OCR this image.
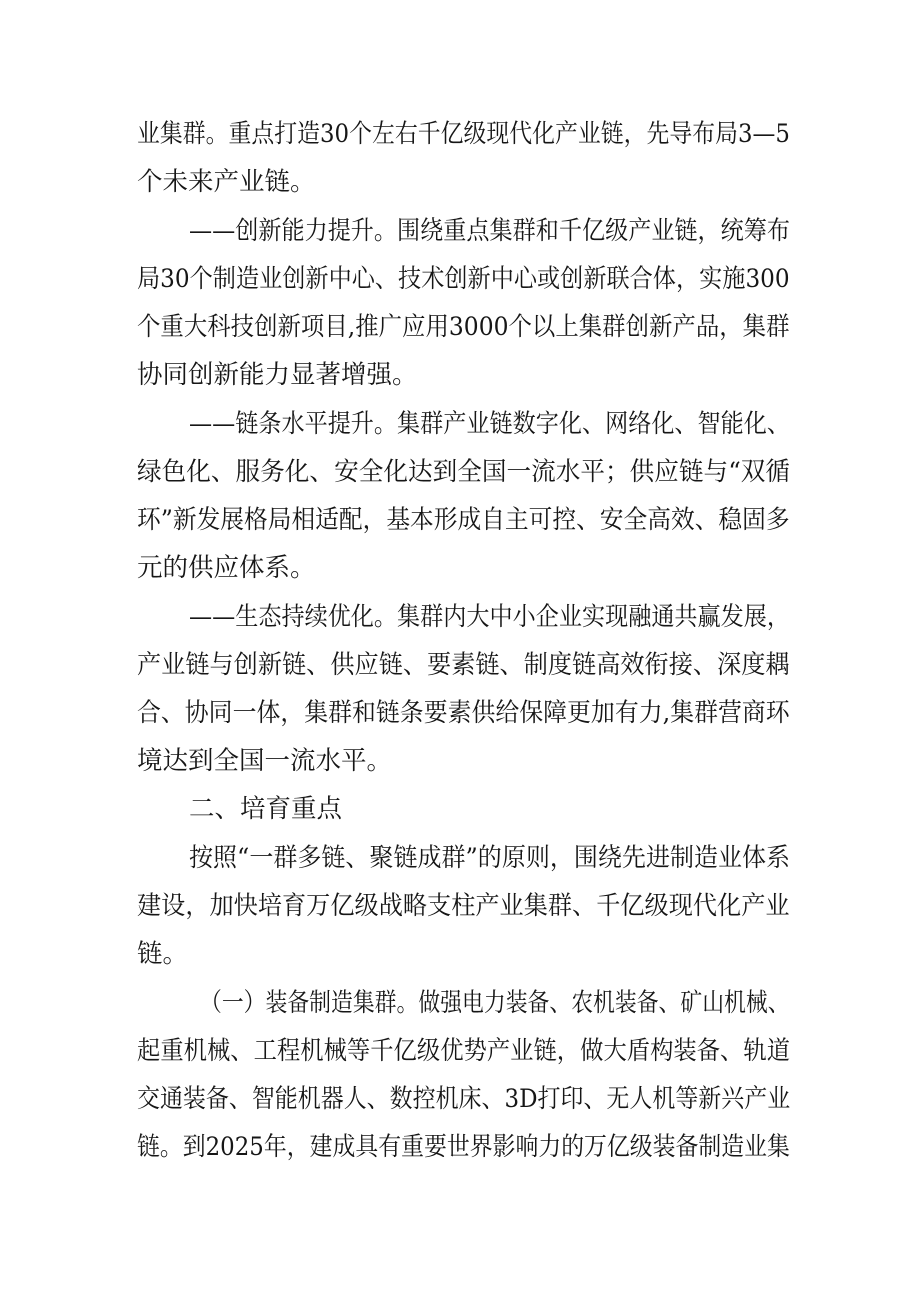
业集群。重点打造30个左右千亿级现代化产业链，先导布局3—5

个未来产业链。

——创新能力提升。围绕重点集群和千亿级产业链，统筹布

局30个制造业创新中心、技术创新中心或创新联合体，实施300

个重大科技创新项目,推广应用3000个以上集群创新产品，集群

协同创新能力显著增强。

——链条水平提升。集群产业链数字化、网络化、智能化、

绿色化、服务化、安全化达到全国一流水平；供应链与“双循

环”新发展格局相适配，基本形成自主可控、安全高效、稳固多

元的供应体系。

——生态持续优化。集群内大中小企业实现融通共赢发展，

产业链与创新链、供应链、要素链、制度链高效衔接、深度耦

合、协同一体，集群和链条要素供给保障更加有力,集群营商环

境达到全国一流水平。

二、培育重点

按照“一群多链、聚链成群”的原则，围绕先进制造业体系

建设，加快培育万亿级战略支柱产业集群、千亿级现代化产业

链。

（一）装备制造集群。做强电力装备、农机装备、矿山机械、

起重机械、工程机械等千亿级优势产业链，做大盾构装备、轨道

交通装备、智能机器人、数控机床、3D打印、无人机等新兴产业

链。到2025年，建成具有重要世界影响力的万亿级装备制造业集
